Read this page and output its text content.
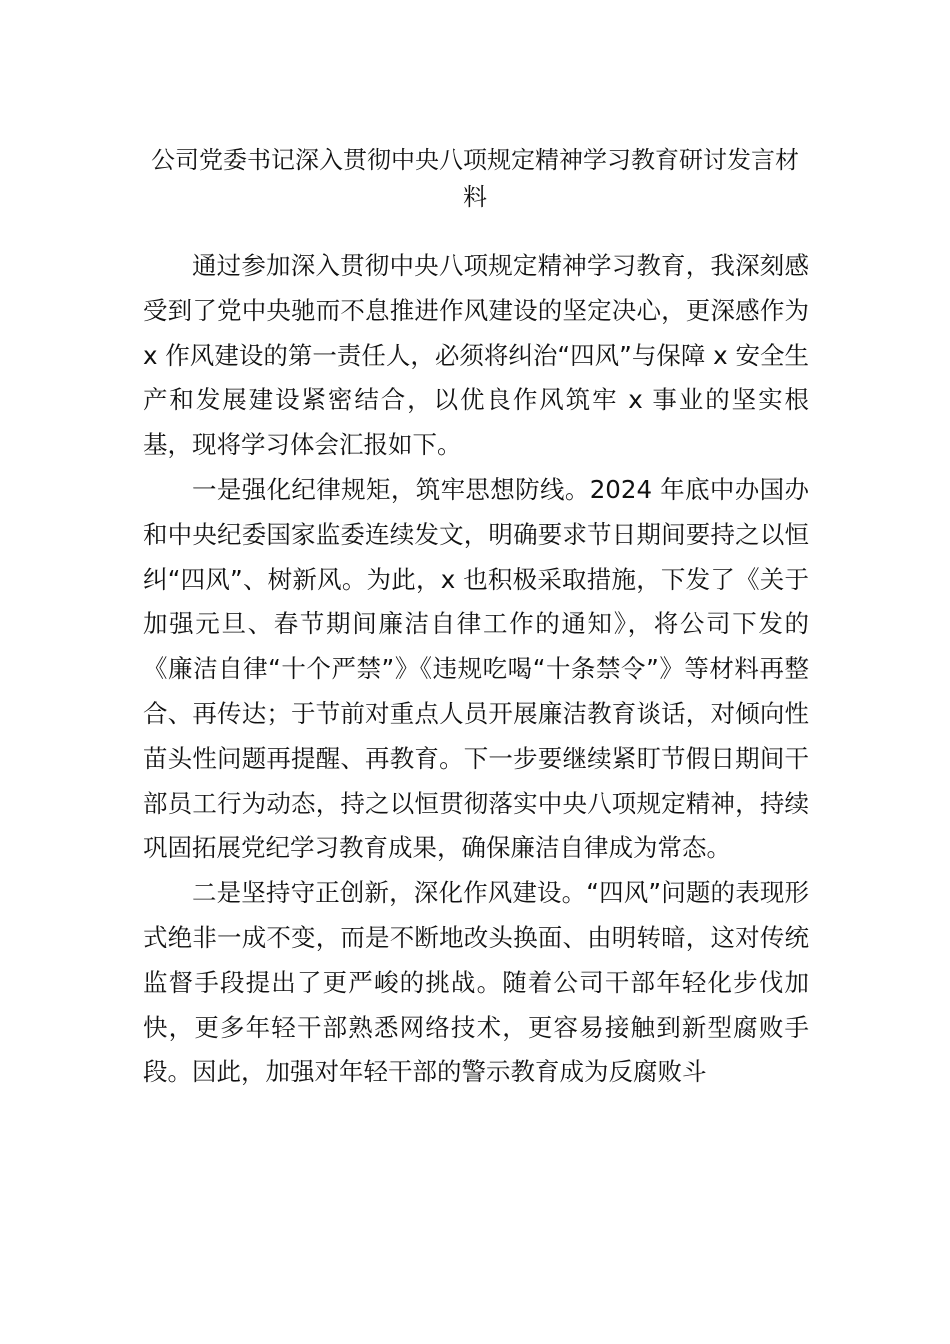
公司党委书记深入贯彻中央八项规定精神学习教育研讨发言材料

通过参加深入贯彻中央八项规定精神学习教育，我深刻感受到了党中央驰而不息推进作风建设的坚定决心，更深感作为 x 作风建设的第一责任人，必须将纠治“四风”与保障 x 安全生产和发展建设紧密结合，以优良作风筑牢 x 事业的坚实根基，现将学习体会汇报如下。

一是强化纪律规矩，筑牢思想防线。2024 年底中办国办和中央纪委国家监委连续发文，明确要求节日期间要持之以恒纠“四风”、树新风。为此，x 也积极采取措施，下发了《关于加强元旦、春节期间廉洁自律工作的通知》，将公司下发的《廉洁自律“十个严禁”》《违规吃喝“十条禁令”》等材料再整合、再传达；于节前对重点人员开展廉洁教育谈话，对倾向性苗头性问题再提醒、再教育。下一步要继续紧盯节假日期间干部员工行为动态，持之以恒贯彻落实中央八项规定精神，持续巩固拓展党纪学习教育成果，确保廉洁自律成为常态。

二是坚持守正创新，深化作风建设。“四风”问题的表现形式绝非一成不变，而是不断地改头换面、由明转暗，这对传统监督手段提出了更严峻的挑战。随着公司干部年轻化步伐加快，更多年轻干部熟悉网络技术，更容易接触到新型腐败手段。因此，加强对年轻干部的警示教育成为反腐败斗
